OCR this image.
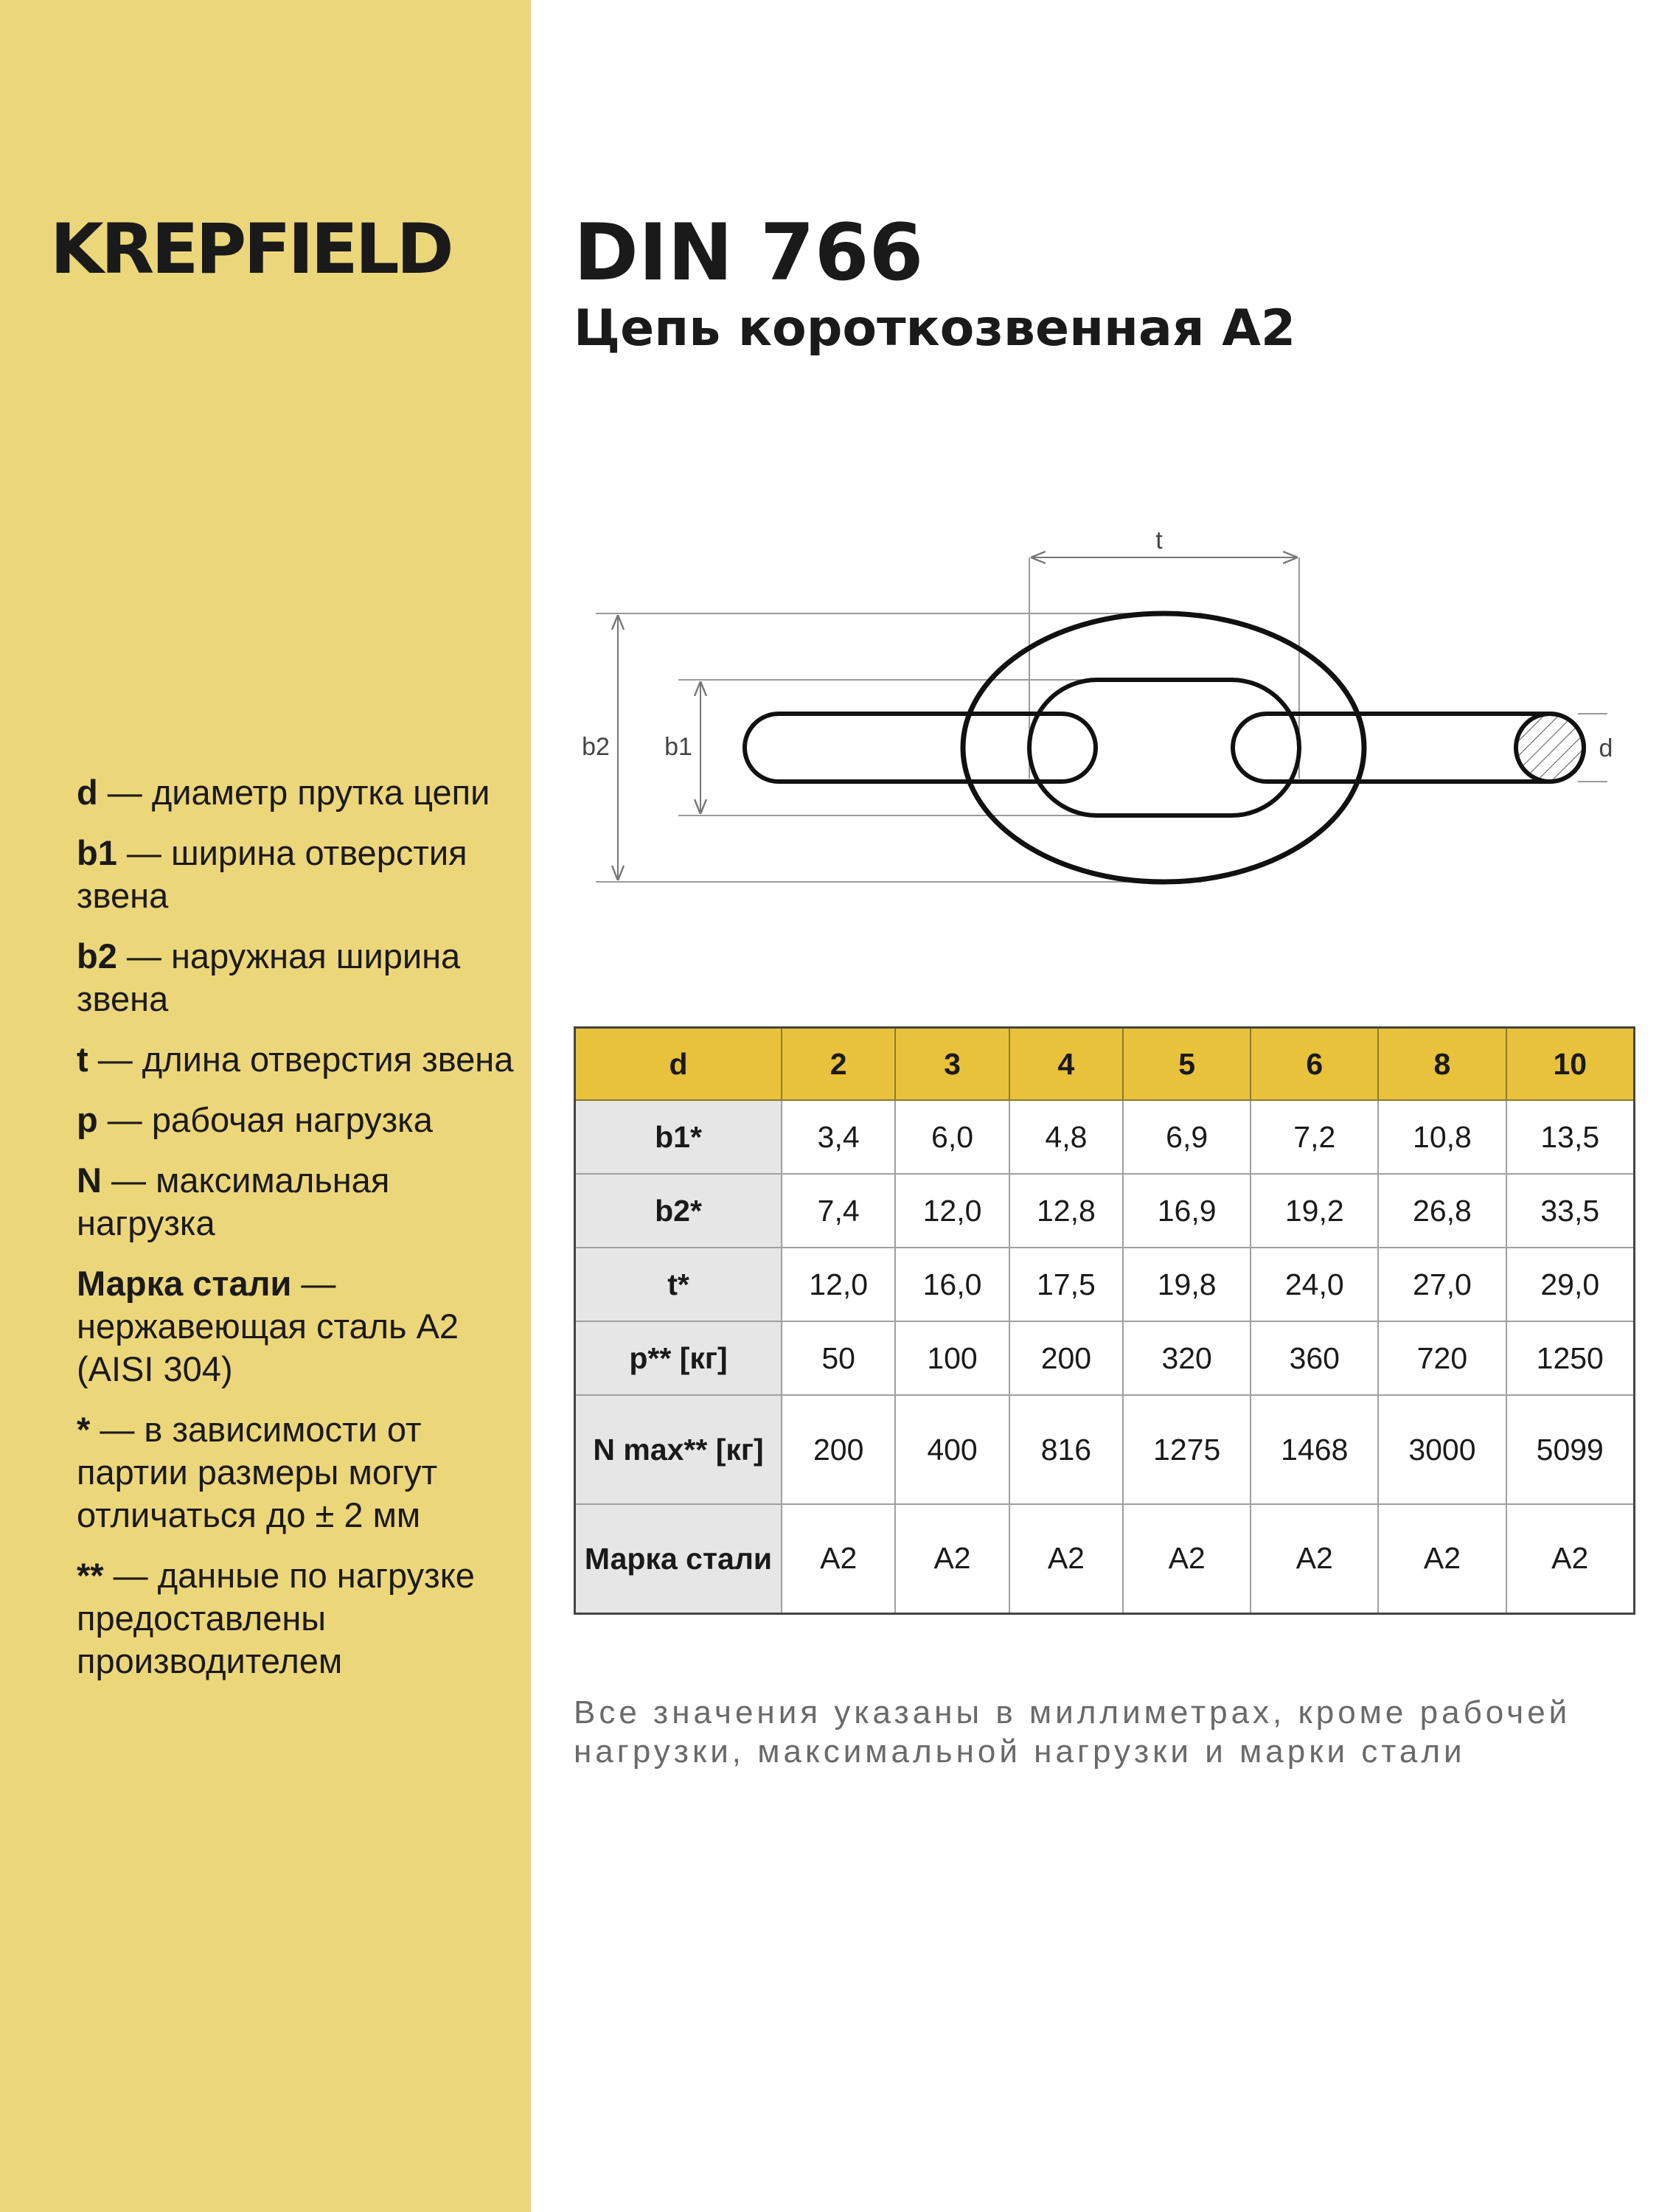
KREPFIELD

d — диаметр прутка цепи

b1 — ширина отверстия звена

b2 — наружная ширина звена

t — длина отверстия звена

p — рабочая нагрузка

N — максимальная нагрузка

Марка стали — нержавеющая сталь А2 (AISI 304)

* — в зависимости от партии размеры могут отличаться до ± 2 мм

** — данные по нагрузке предоставлены производителем

DIN 766
Цепь короткозвенная А2
t
b2 b1	d
d	2	3	4	5	6	8	10
b1*	3,4	6,0	4,8	6,9	7,2	10,8	13,5
b2*	7,4	12,0	12,8	16,9	19,2	26,8	33,5
t*	12,0	16,0	17,5	19,8	24,0	27,0	29,0
p** [кг]	50	100	200	320	360	720	1250
N max** [кг]	200	400	816	1275	1468	3000	5099
Марка стали	A2	A2	A2	A2	A2	A2	A2

Все значения указаны в миллиметрах, кроме рабочей нагрузки, максимальной нагрузки и марки стали
